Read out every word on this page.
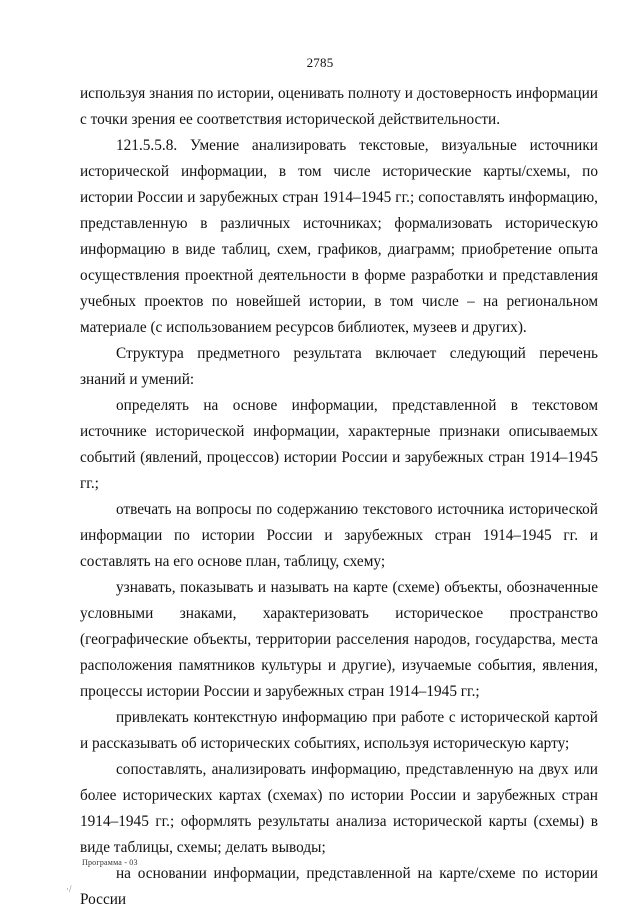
2785

используя знания по истории, оценивать полноту и достоверность информации с точки зрения ее соответствия исторической действительности.

121.5.5.8. Умение анализировать текстовые, визуальные источники исторической информации, в том числе исторические карты/схемы, по истории России и зарубежных стран 1914–1945 гг.; сопоставлять информацию, представленную в различных источниках; формализовать историческую информацию в виде таблиц, схем, графиков, диаграмм; приобретение опыта осуществления проектной деятельности в форме разработки и представления учебных проектов по новейшей истории, в том числе – на региональном материале (с использованием ресурсов библиотек, музеев и других).

Структура предметного результата включает следующий перечень знаний и умений:

определять на основе информации, представленной в текстовом источнике исторической информации, характерные признаки описываемых событий (явлений, процессов) истории России и зарубежных стран 1914–1945 гг.;

отвечать на вопросы по содержанию текстового источника исторической информации по истории России и зарубежных стран 1914–1945 гг. и составлять на его основе план, таблицу, схему;

узнавать, показывать и называть на карте (схеме) объекты, обозначенные условными знаками, характеризовать историческое пространство (географические объекты, территории расселения народов, государства, места расположения памятников культуры и другие), изучаемые события, явления, процессы истории России и зарубежных стран 1914–1945 гг.;

привлекать контекстную информацию при работе с исторической картой и рассказывать об исторических событиях, используя историческую карту;

сопоставлять, анализировать информацию, представленную на двух или более исторических картах (схемах) по истории России и зарубежных стран 1914–1945 гг.; оформлять результаты анализа исторической карты (схемы) в виде таблицы, схемы; делать выводы;

на основании информации, представленной на карте/схеме по истории России

Программа - 03
·/
